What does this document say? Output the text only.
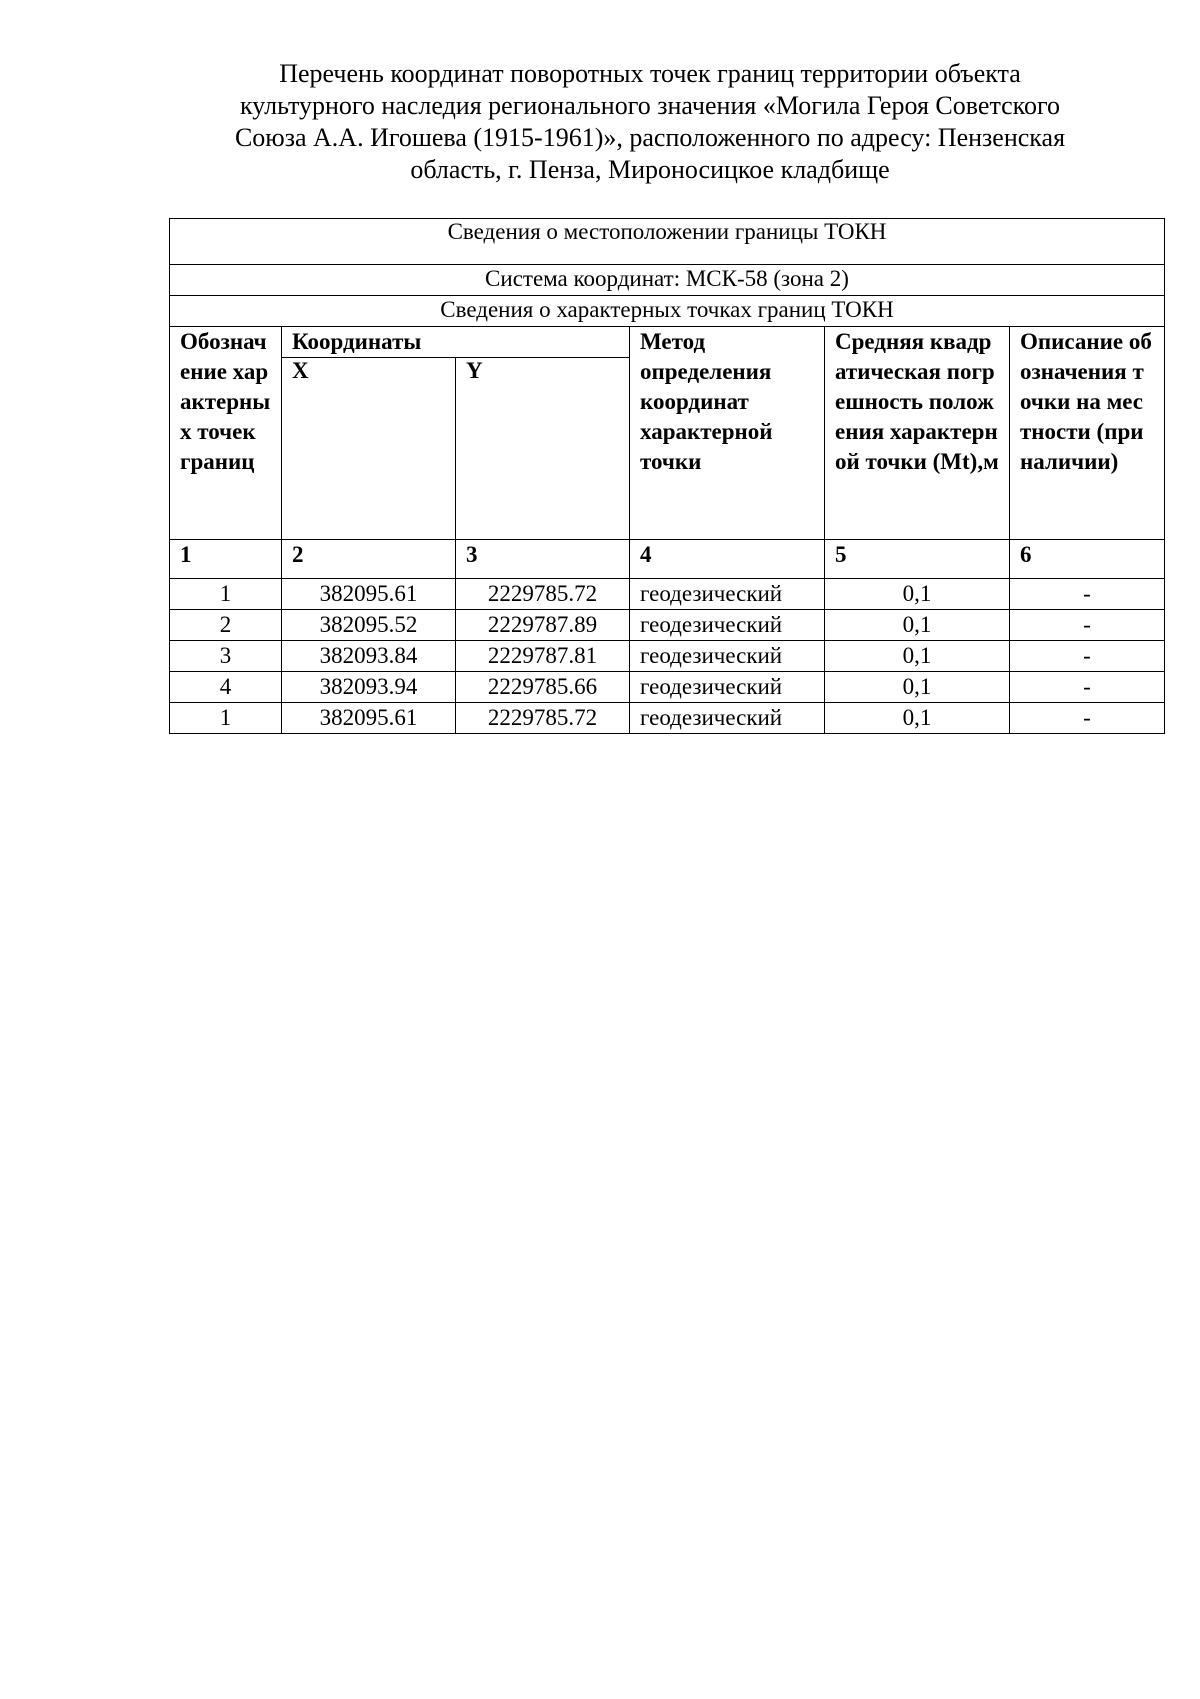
Перечень координат поворотных точек границ территории объекта
культурного наследия регионального значения «Могила Героя Советского
Союза А.А. Игошева (1915-1961)», расположенного по адресу: Пензенская
область, г. Пенза, Мироносицкое кладбище

Сведения о местоположении границы ТОКН					
Система координат: МСК-58 (зона 2)					
Сведения о характерных точках границ ТОКН					
Обозначение характерных точек границ	Координаты		Метод определения координат характерной точки	Средняя квадратическая погрешность положения характерной точки (Mt),м	Описание обозначения точки на местности (при наличии)
	X	Y			
1	2	3	4	5	6
1	382095.61	2229785.72	геодезический	0,1	-
2	382095.52	2229787.89	геодезический	0,1	-
3	382093.84	2229787.81	геодезический	0,1	-
4	382093.94	2229785.66	геодезический	0,1	-
1	382095.61	2229785.72	геодезический	0,1	-
